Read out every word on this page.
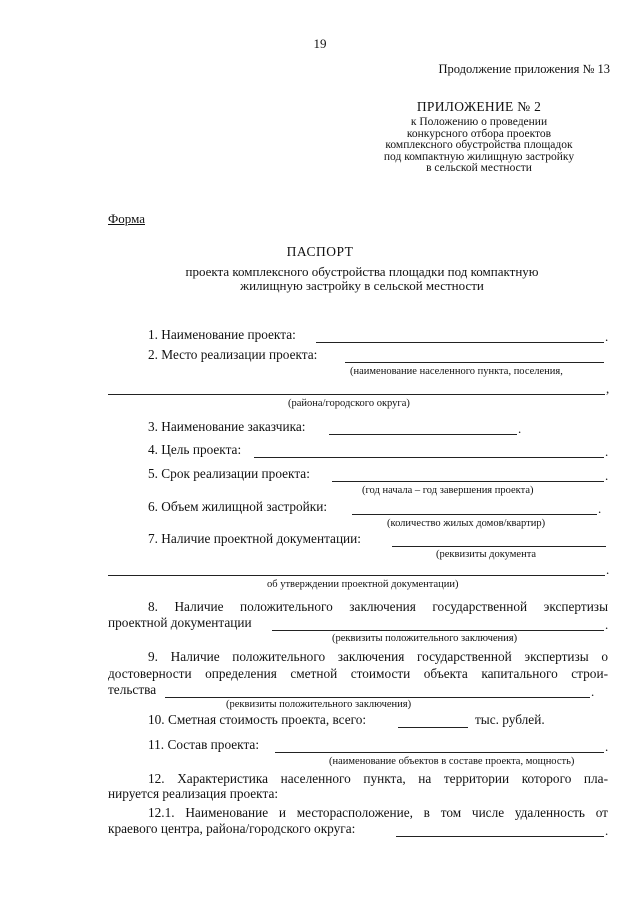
19
Продолжение приложения № 13
ПРИЛОЖЕНИЕ № 2
к Положению о проведении
конкурсного отбора проектов
комплексного обустройства площадок
под компактную жилищную застройку
в сельской местности
Форма
ПАСПОРТ
проекта комплексного обустройства площадки под компактную
жилищную застройку в сельской местности
1. Наименование проекта:	.
2. Место реализации проекта:
(наименование населенного пункта, поселения,
,
(района/городского округа)
3. Наименование заказчика:	.
4. Цель проекта:	.
5. Срок реализации проекта:	.
(год начала – год завершения проекта)
6. Объем жилищной застройки:	.
(количество жилых домов/квартир)
7. Наличие проектной документации:
(реквизиты документа
.
об утверждении проектной документации)
8. Наличие положительного заключения государственной экспертизы
проектной документации	.
(реквизиты положительного заключения)
9. Наличие положительного заключения государственной экспертизы о
достоверности определения сметной стоимости объекта капитального строи-
тельства	.
(реквизиты положительного заключения)
10. Сметная стоимость проекта, всего:	тыс. рублей.
11. Состав проекта:	.
(наименование объектов в составе проекта, мощность)
12. Характеристика населенного пункта, на территории которого пла-
нируется реализация проекта:
12.1. Наименование и месторасположение, в том числе удаленность от
краевого центра, района/городского округа:	.
